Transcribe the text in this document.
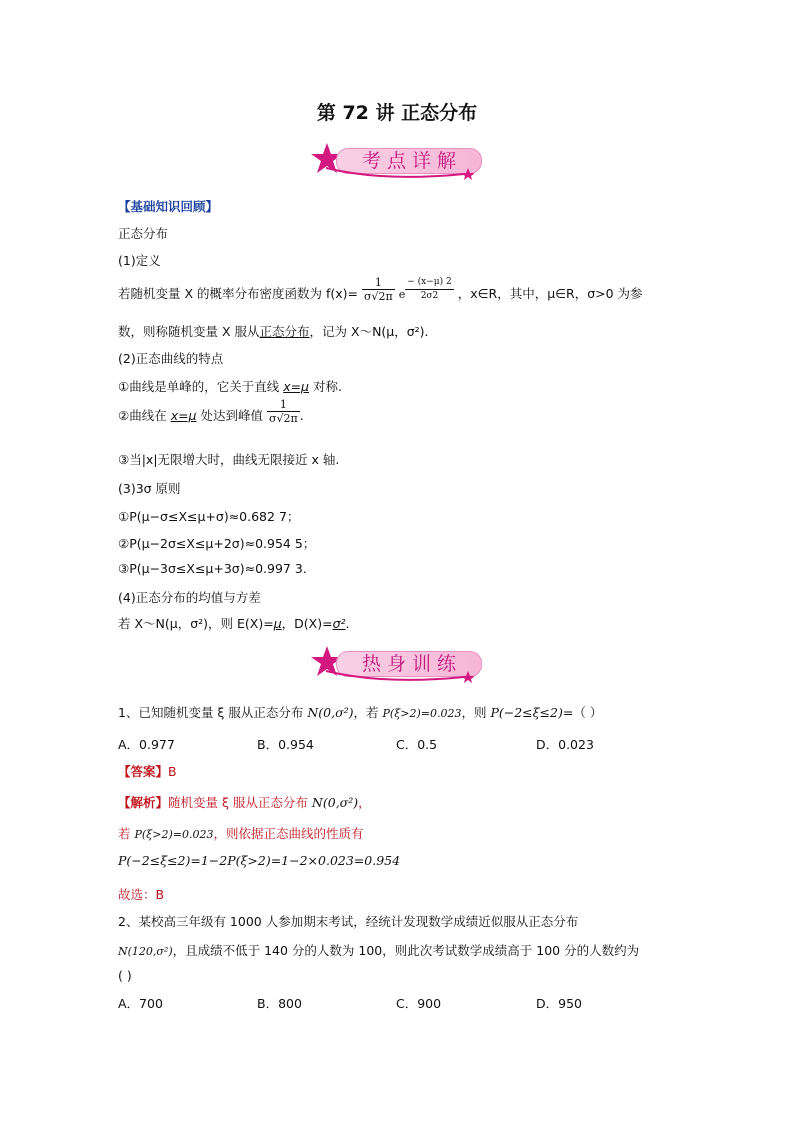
第 72 讲 正态分布
考点详解
【基础知识回顾】
正态分布
(1)定义
若随机变量 X 的概率分布密度函数为 $f(x)= \frac{1}{\sigma√2\pi}$ e $\frac{- (x-\mu) 2}{2\sigma 2}$ ，x∈R，其中，μ∈R，σ>0 为参
数，则称随机变量 X 服从正态分布，记为 X～N(μ，σ²).
(2)正态曲线的特点
①曲线是单峰的，它关于直线 x=μ 对称.
②曲线在 x=μ 处达到峰值 $\frac{1}{\sigma√2\pi}$ .
③当|x|无限增大时，曲线无限接近 x 轴.
(3)3σ 原则
①P(μ−σ≤X≤μ+σ)≈0.682 7；
②P(μ−2σ≤X≤μ+2σ)≈0.954 5；
③P(μ−3σ≤X≤μ+3σ)≈0.997 3.
(4)正态分布的均值与方差
若 X～N(μ，σ²)，则 E(X)=μ，D(X)=σ².
热身训练
1、已知随机变量 ξ 服从正态分布 N(0,σ²)，若 P(ξ>2)=0.023，则 P(−2≤ξ≤2)=（ ）
A．0.977	B．0.954	C．0.5	D．0.023
【答案】B
【解析】随机变量 ξ 服从正态分布 N(0,σ²)，
若 P(ξ>2)=0.023，则依据正态曲线的性质有
P(−2≤ξ≤2)=1−2P(ξ>2)=1−2×0.023=0.954
故选：B
2、某校高三年级有 1000 人参加期末考试，经统计发现数学成绩近似服从正态分布
N(120,σ²)，且成绩不低于 140 分的人数为 100，则此次考试数学成绩高于 100 分的人数约为
( )
A．700	B．800	C．900	D．950
